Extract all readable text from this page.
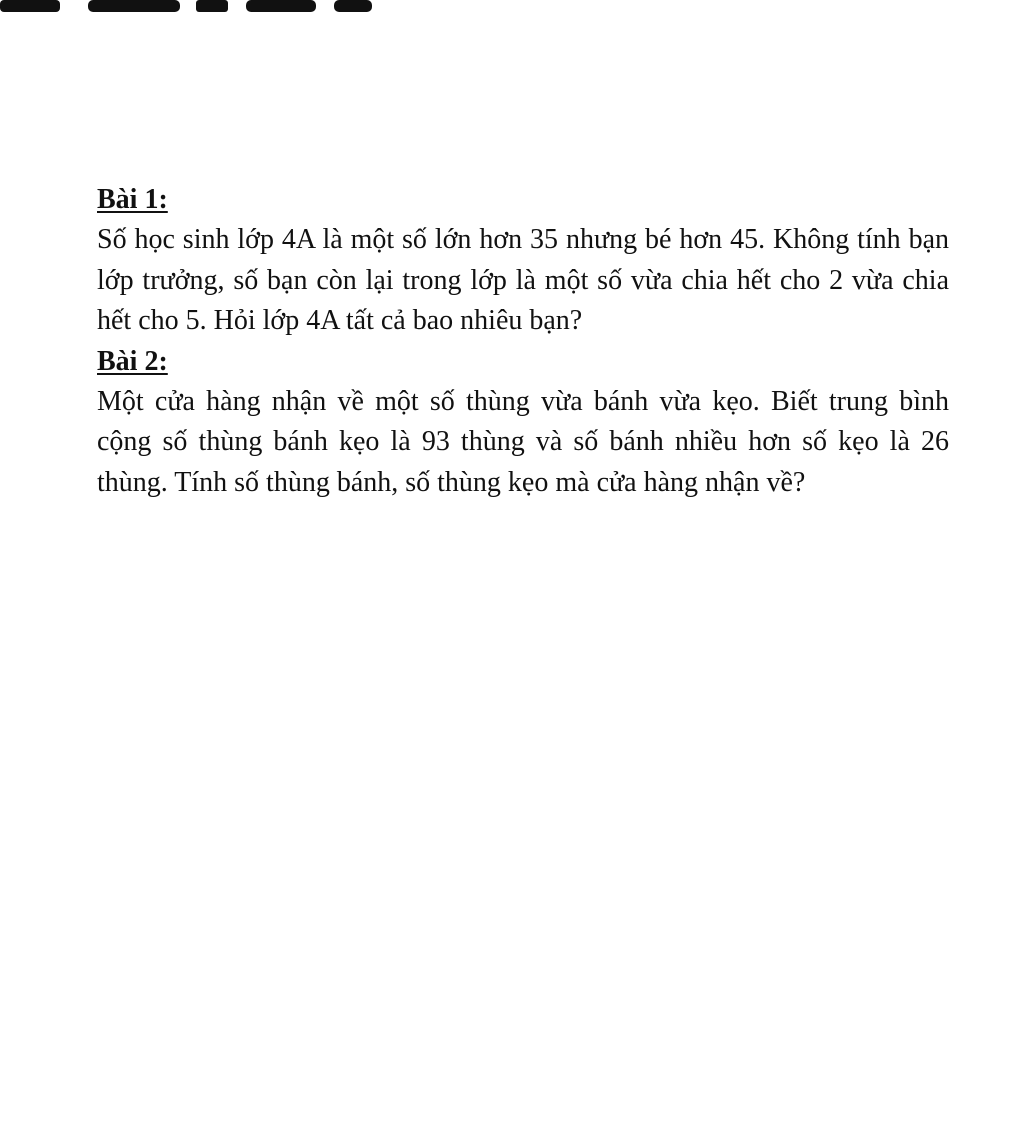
Bài 1:

Số học sinh lớp 4A là một số lớn hơn 35 nhưng bé hơn 45. Không tính bạn lớp trưởng, số bạn còn lại trong lớp là một số vừa chia hết cho 2 vừa chia hết cho 5. Hỏi lớp 4A tất cả bao nhiêu bạn?

Bài 2:

Một cửa hàng nhận về một số thùng vừa bánh vừa kẹo. Biết trung bình cộng số thùng bánh kẹo là 93 thùng và số bánh nhiều hơn số kẹo là 26 thùng. Tính số thùng bánh, số thùng kẹo mà cửa hàng nhận về?
